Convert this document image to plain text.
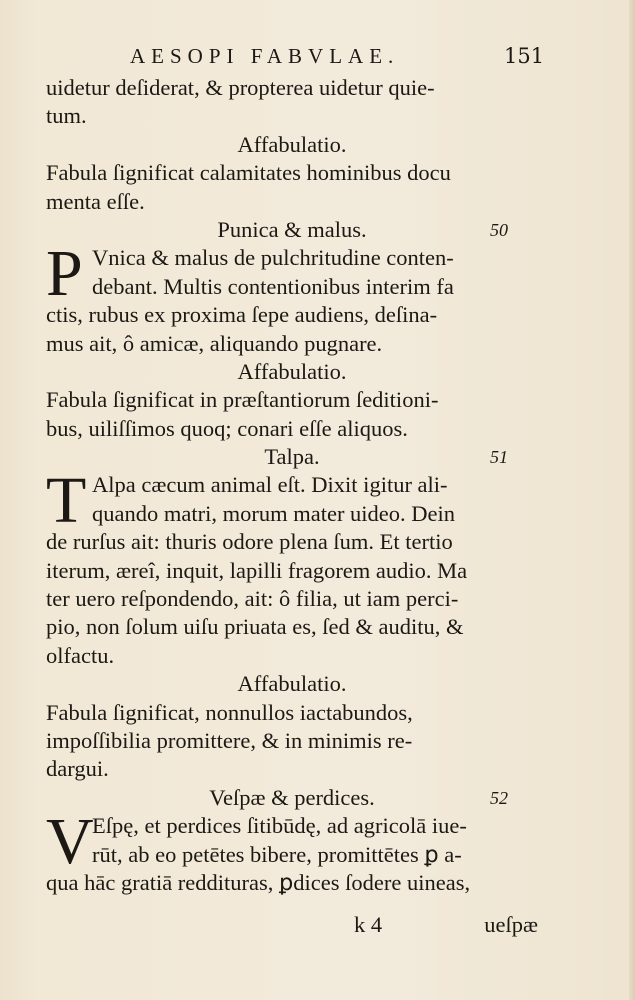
AESOPI FABVLAE.	151
uidetur deſiderat, & propterea uidetur quie-
tum.
Affabulatio.
Fabula ſignificat calamitates hominibus docu
menta eſſe.
Punica & malus.	50
P Vnica & malus de pulchritudine conten-
debant. Multis contentionibus interim fa
ctis, rubus ex proxima ſepe audiens, deſina-
mus ait, ô amicæ, aliquando pugnare.
Affabulatio.
Fabula ſignificat in præſtantiorum ſeditioni-
bus, uiliſſimos quoq; conari eſſe aliquos.
Talpa.	51
T Alpa cæcum animal eſt. Dixit igitur ali-
quando matri, morum mater uideo. Dein
de rurſus ait: thuris odore plena ſum. Et tertio
iterum, æreî, inquit, lapilli fragorem audio. Ma
ter uero reſpondendo, ait: ô filia, ut iam perci-
pio, non ſolum uiſu priuata es, ſed & auditu, &
olfactu.
Affabulatio.
Fabula ſignificat, nonnullos iactabundos,
impoſſibilia promittere, & in minimis re-
dargui.
Veſpæ & perdices.	52
V
Eſpę, et perdices ſitibūdę, ad agricolā iue-
rūt, ab eo petētes bibere, promittētes ꝑ a-
qua hāc gratiā reddituras, ꝑdices ſodere uineas,
k 4	ueſpæ
